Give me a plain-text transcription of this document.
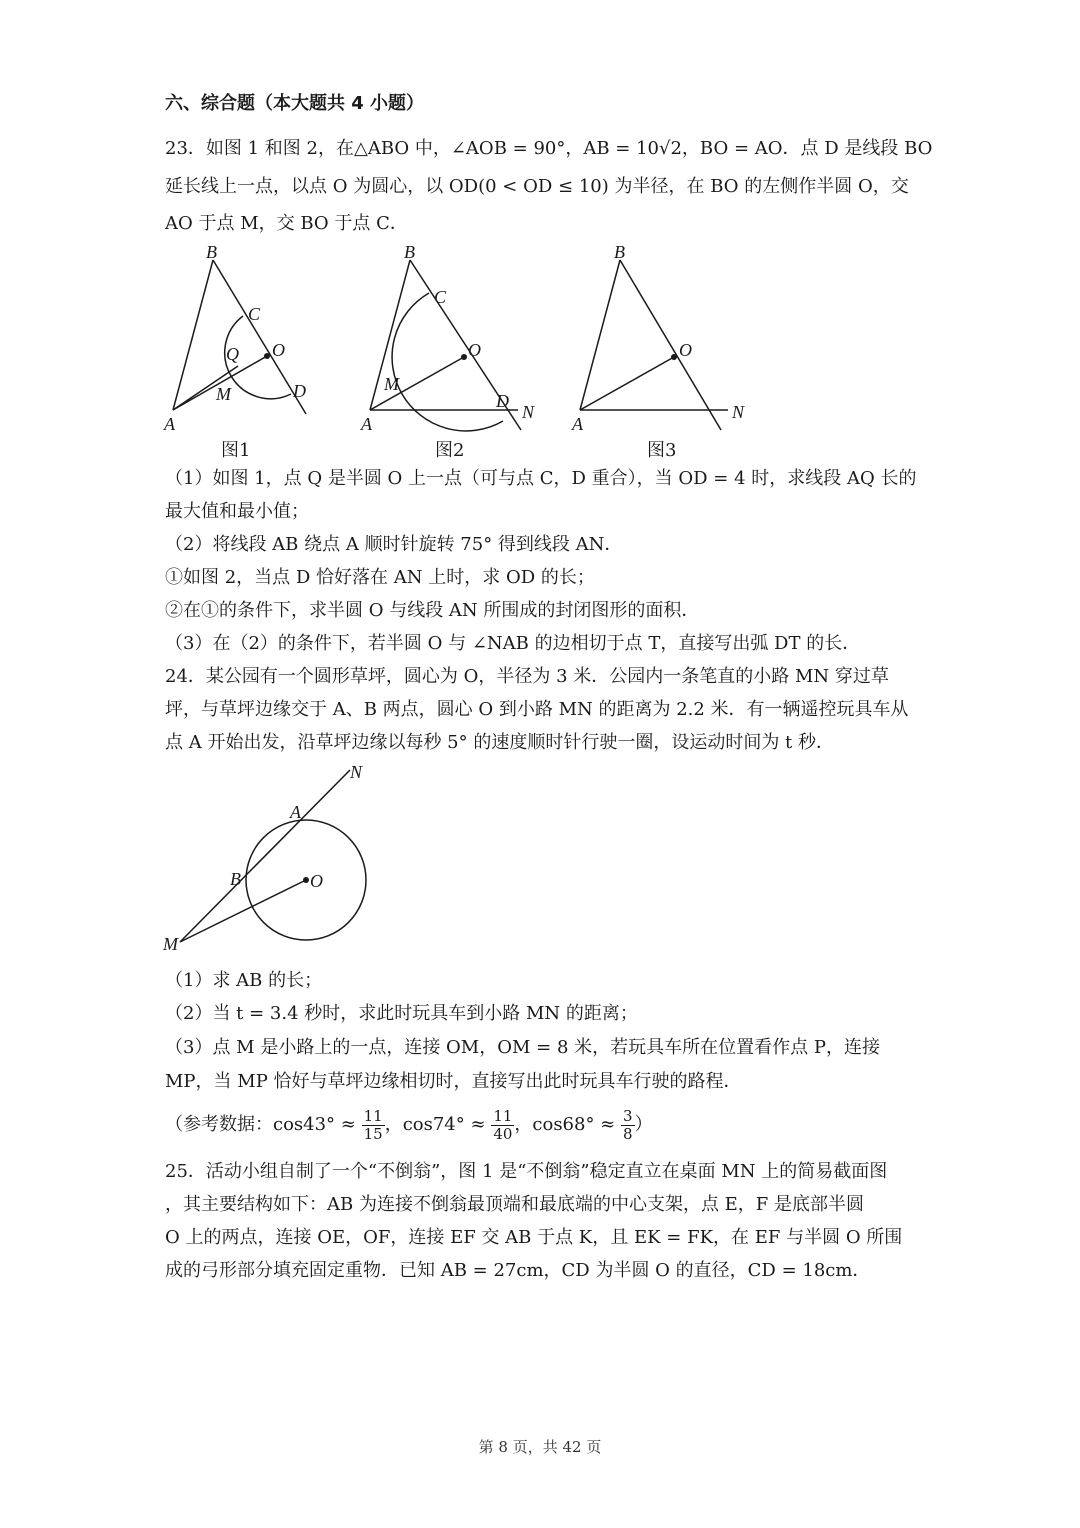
六、综合题（本大题共 4 小题）
23．如图 1 和图 2，在△ABO 中，∠AOB = 90°，AB = 10√2，BO = AO．点 D 是线段 BO
延长线上一点，以点 O 为圆心，以 OD(0 < OD ≤ 10) 为半径，在 BO 的左侧作半圆 O，交
AO 于点 M，交 BO 于点 C．
B
C
O
Q
M	D
A
图1
B
C
O
M
D
N
A
图2
B
O
N
A
图3
（1）如图 1，点 Q 是半圆 O 上一点（可与点 C，D 重合），当 OD = 4 时，求线段 AQ 长的
最大值和最小值；
（2）将线段 AB 绕点 A 顺时针旋转 75° 得到线段 AN．
①如图 2，当点 D 恰好落在 AN 上时，求 OD 的长；
②在①的条件下，求半圆 O 与线段 AN 所围成的封闭图形的面积．
（3）在（2）的条件下，若半圆 O 与 ∠NAB 的边相切于点 T，直接写出弧 DT 的长．
24．某公园有一个圆形草坪，圆心为 O，半径为 3 米．公园内一条笔直的小路 MN 穿过草
坪，与草坪边缘交于 A、B 两点，圆心 O 到小路 MN 的距离为 2.2 米．有一辆遥控玩具车从
点 A 开始出发，沿草坪边缘以每秒 5° 的速度顺时针行驶一圈，设运动时间为 t 秒．
N
A
B	O
M
（1）求 AB 的长；
（2）当 t = 3.4 秒时，求此时玩具车到小路 MN 的距离；
（3）点 M 是小路上的一点，连接 OM，OM = 8 米，若玩具车所在位置看作点 P，连接
MP，当 MP 恰好与草坪边缘相切时，直接写出此时玩具车行驶的路程．
（参考数据：$\cos 43^\circ \approx \frac{11}{15}$ ，$\cos 74^\circ \approx \frac{11}{40}$ ，$\cos 68^\circ \approx \frac{3}{8}$ ）
25．活动小组自制了一个“不倒翁”，图 1 是“不倒翁”稳定直立在桌面 MN 上的简易截面图
，其主要结构如下：AB 为连接不倒翁最顶端和最底端的中心支架，点 E，F 是底部半圆
O 上的两点，连接 OE，OF，连接 EF 交 AB 于点 K，且 EK = FK，在 EF 与半圆 O 所围
成的弓形部分填充固定重物．已知 AB = 27cm，CD 为半圆 O 的直径，CD = 18cm．
第 8 页，共 42 页
